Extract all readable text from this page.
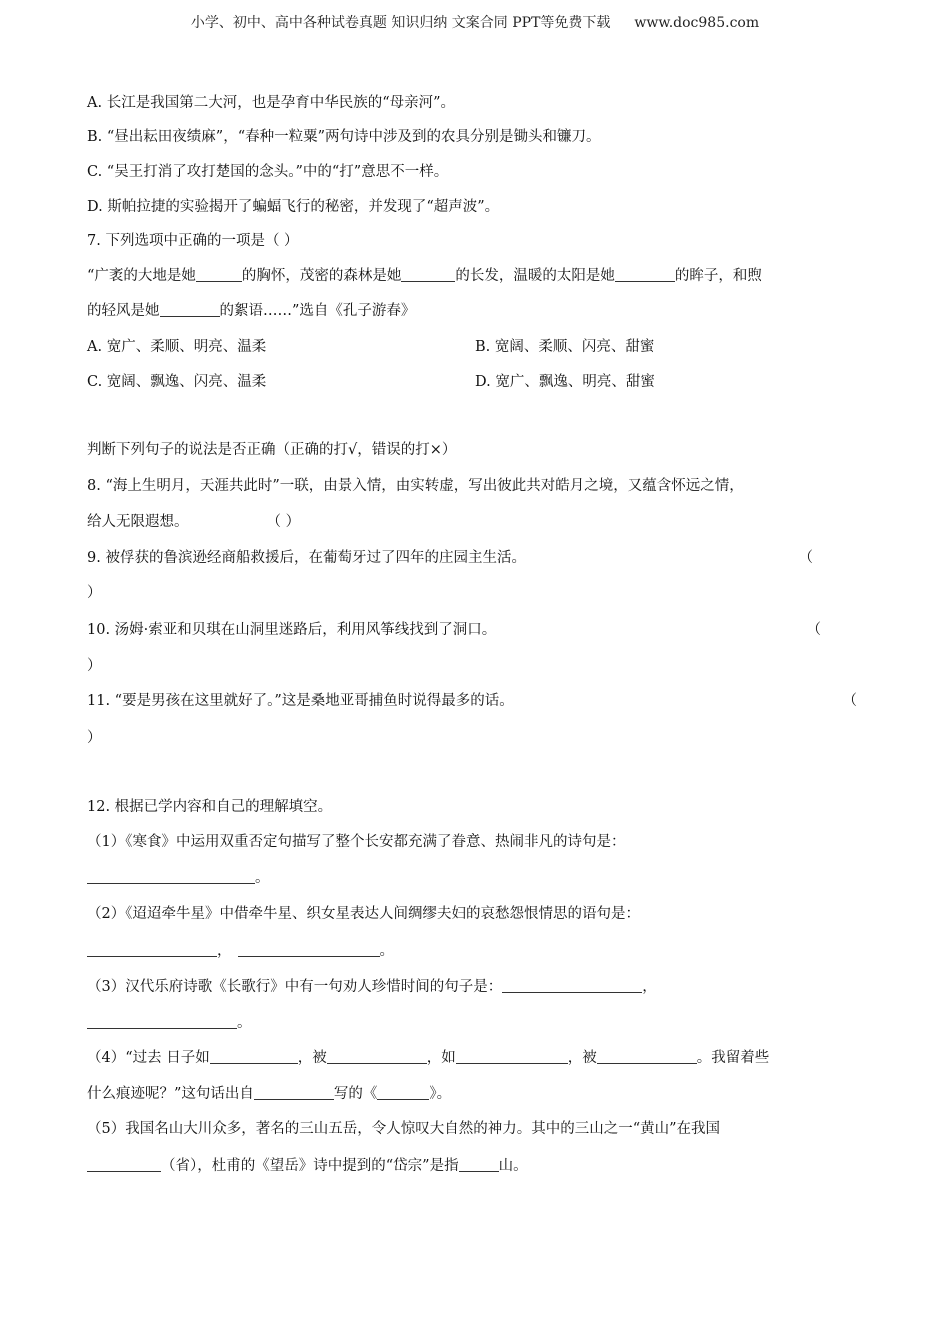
小学、初中、高中各种试卷真题 知识归纳 文案合同 PPT等免费下载 www.doc985.com
A. 长江是我国第二大河，也是孕育中华民族的“母亲河”。
B. “昼出耘田夜绩麻”，“春种一粒粟”两句诗中涉及到的农具分别是锄头和镰刀。
C. “吴王打消了攻打楚国的念头。”中的“打”意思不一样。
D. 斯帕拉捷的实验揭开了蝙蝠飞行的秘密，并发现了“超声波”。
7. 下列选项中正确的一项是（ ）
“广袤的大地是她	的胸怀，茂密的森林是她	的长发，温暖的太阳是她	的眸子，和煦
的轻风是她	的絮语……”选自《孔子游春》
A. 宽广、柔顺、明亮、温柔	B. 宽阔、柔顺、闪亮、甜蜜
C. 宽阔、飘逸、闪亮、温柔	D. 宽广、飘逸、明亮、甜蜜
判断下列句子的说法是否正确（正确的打√，错误的打×）
8. “海上生明月，天涯共此时”一联，由景入情，由实转虚，写出彼此共对皓月之境，又蕴含怀远之情，
给人无限遐想。	（ ）
9. 被俘获的鲁滨逊经商船救援后，在葡萄牙过了四年的庄园主生活。	（
）
10. 汤姆·索亚和贝琪在山洞里迷路后，利用风筝线找到了洞口。	（
）
11. “要是男孩在这里就好了。”这是桑地亚哥捕鱼时说得最多的话。	（
）
12. 根据已学内容和自己的理解填空。
（1）《寒食》中运用双重否定句描写了整个长安都充满了眷意、热闹非凡的诗句是：
。
（2）《迢迢牵牛星》中借牵牛星、织女星表达人间绸缪夫妇的哀愁怨恨情思的语句是：
，	。
（3）汉代乐府诗歌《长歌行》中有一句劝人珍惜时间的句子是：	，
。
（4）“过去 日子如	，被	，如	，被	。我留着些
什么痕迹呢？”这句话出自	写的《	》。
（5）我国名山大川众多，著名的三山五岳，令人惊叹大自然的神力。其中的三山之一“黄山”在我国
（省），杜甫的《望岳》诗中提到的“岱宗”是指	山。
